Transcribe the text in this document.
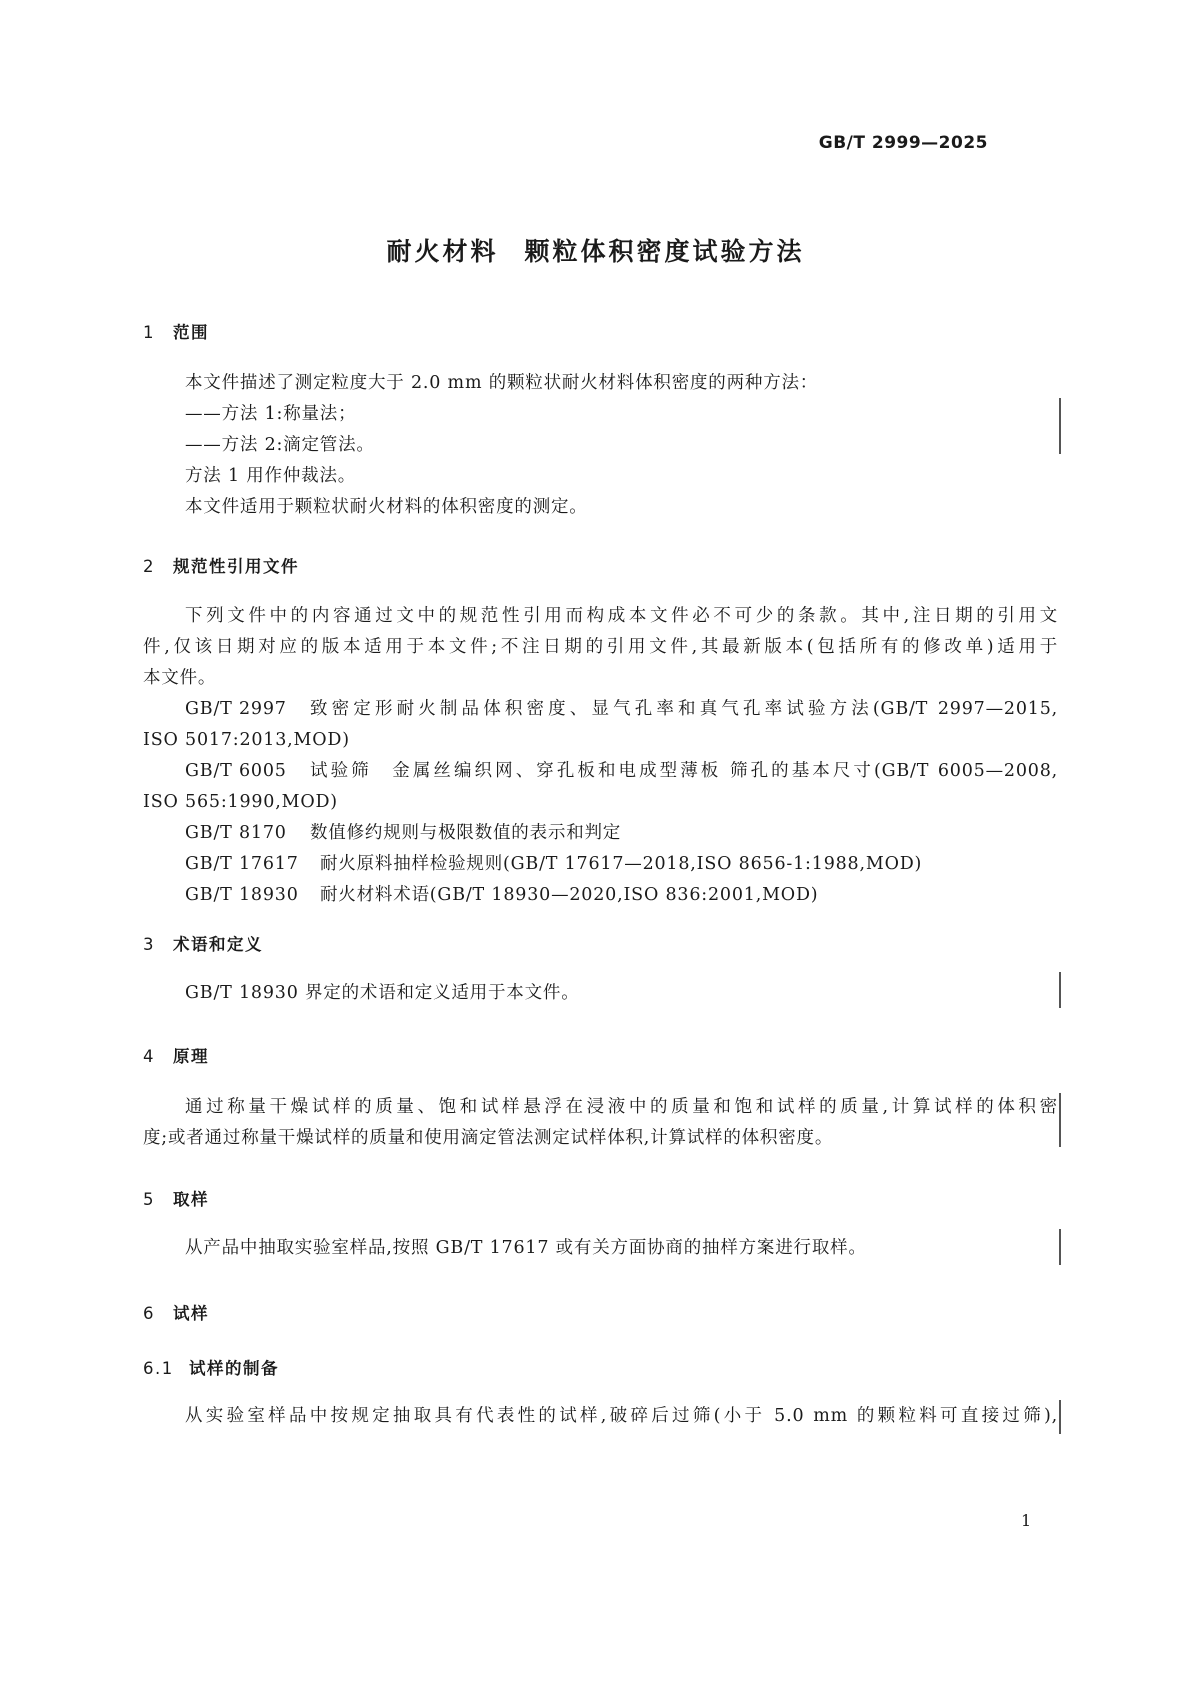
GB/T 2999—2025
耐火材料 颗粒体积密度试验方法
1 范围
本文件描述了测定粒度大于 2.0 mm 的颗粒状耐火材料体积密度的两种方法：
——方法 1:称量法；
——方法 2:滴定管法。
方法 1 用作仲裁法。
本文件适用于颗粒状耐火材料的体积密度的测定。
2 规范性引用文件
下列文件中的内容通过文中的规范性引用而构成本文件必不可少的条款。其中,注日期的引用文
件,仅该日期对应的版本适用于本文件;不注日期的引用文件,其最新版本(包括所有的修改单)适用于
本文件。
GB/T 2997 致密定形耐火制品体积密度、显气孔率和真气孔率试验方法(GB/T 2997—2015,
ISO 5017:2013,MOD)
GB/T 6005 试验筛　金属丝编织网、穿孔板和电成型薄板 筛孔的基本尺寸(GB/T 6005—2008,
ISO 565:1990,MOD)
GB/T 8170 数值修约规则与极限数值的表示和判定
GB/T 17617 耐火原料抽样检验规则(GB/T 17617—2018,ISO 8656-1:1988,MOD)
GB/T 18930 耐火材料术语(GB/T 18930—2020,ISO 836:2001,MOD)
3 术语和定义
GB/T 18930 界定的术语和定义适用于本文件。
4 原理
通过称量干燥试样的质量、饱和试样悬浮在浸液中的质量和饱和试样的质量,计算试样的体积密
度;或者通过称量干燥试样的质量和使用滴定管法测定试样体积,计算试样的体积密度。
5 取样
从产品中抽取实验室样品,按照 GB/T 17617 或有关方面协商的抽样方案进行取样。
6 试样
6.1 试样的制备
从实验室样品中按规定抽取具有代表性的试样,破碎后过筛(小于 5.0 mm 的颗粒料可直接过筛),
1
